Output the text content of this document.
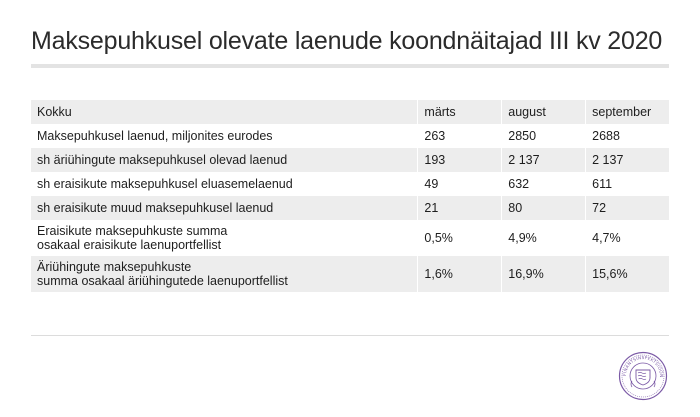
Maksepuhkusel olevate laenude koondnäitajad III kv 2020
Kokku	märts	august	september
Maksepuhkusel laenud, miljonites eurodes	263	2850	2688
sh äriühingute maksepuhkusel olevad laenud	193	2 137	2 137
sh eraisikute maksepuhkusel eluasemelaenud	49	632	611
sh eraisikute muud maksepuhkusel laenud	21	80	72

Eraisikute maksepuhkuste summa
osakaal eraisikute laenuportfellist	0,5%	4,9%	4,7%

Äriühingute maksepuhkuste
summa osakaal äriühingutede laenuportfellist	1,6%	16,9%	15,6%
FINANTSINSPEKTSIOON
